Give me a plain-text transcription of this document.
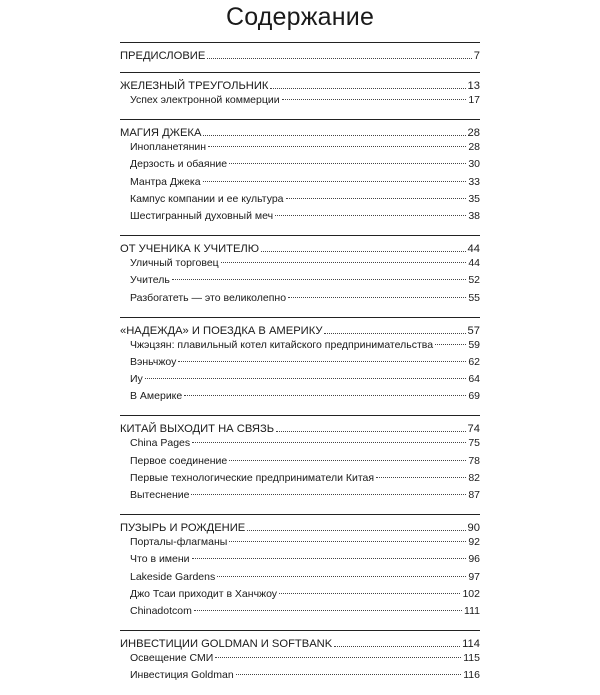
Содержание
ПРЕДИСЛОВИЕ	7
ЖЕЛЕЗНЫЙ ТРЕУГОЛЬНИК	13
Успех электронной коммерции	17
МАГИЯ ДЖЕКА	28
Инопланетянин	28
Дерзость и обаяние	30
Мантра Джека	33
Кампус компании и ее культура	35
Шестигранный духовный меч	38
ОТ УЧЕНИКА К УЧИТЕЛЮ	44
Уличный торговец	44
Учитель	52
Разбогатеть — это великолепно	55
«НАДЕЖДА» И ПОЕЗДКА В АМЕРИКУ	57
Чжэцзян: плавильный котел китайского предпринимательства	59
Вэньчжоу	62
Иу	64
В Америке	69
КИТАЙ ВЫХОДИТ НА СВЯЗЬ	74
China Pages	75
Первое соединение	78
Первые технологические предприниматели Китая	82
Вытеснение	87
ПУЗЫРЬ И РОЖДЕНИЕ	90
Порталы-флагманы	92
Что в имени	96
Lakeside Gardens	97
Джо Тсаи приходит в Ханчжоу	102
Chinadotcom	111
ИНВЕСТИЦИИ GOLDMAN И SOFTBANK	114
Освещение СМИ	115
Инвестиция Goldman	116
